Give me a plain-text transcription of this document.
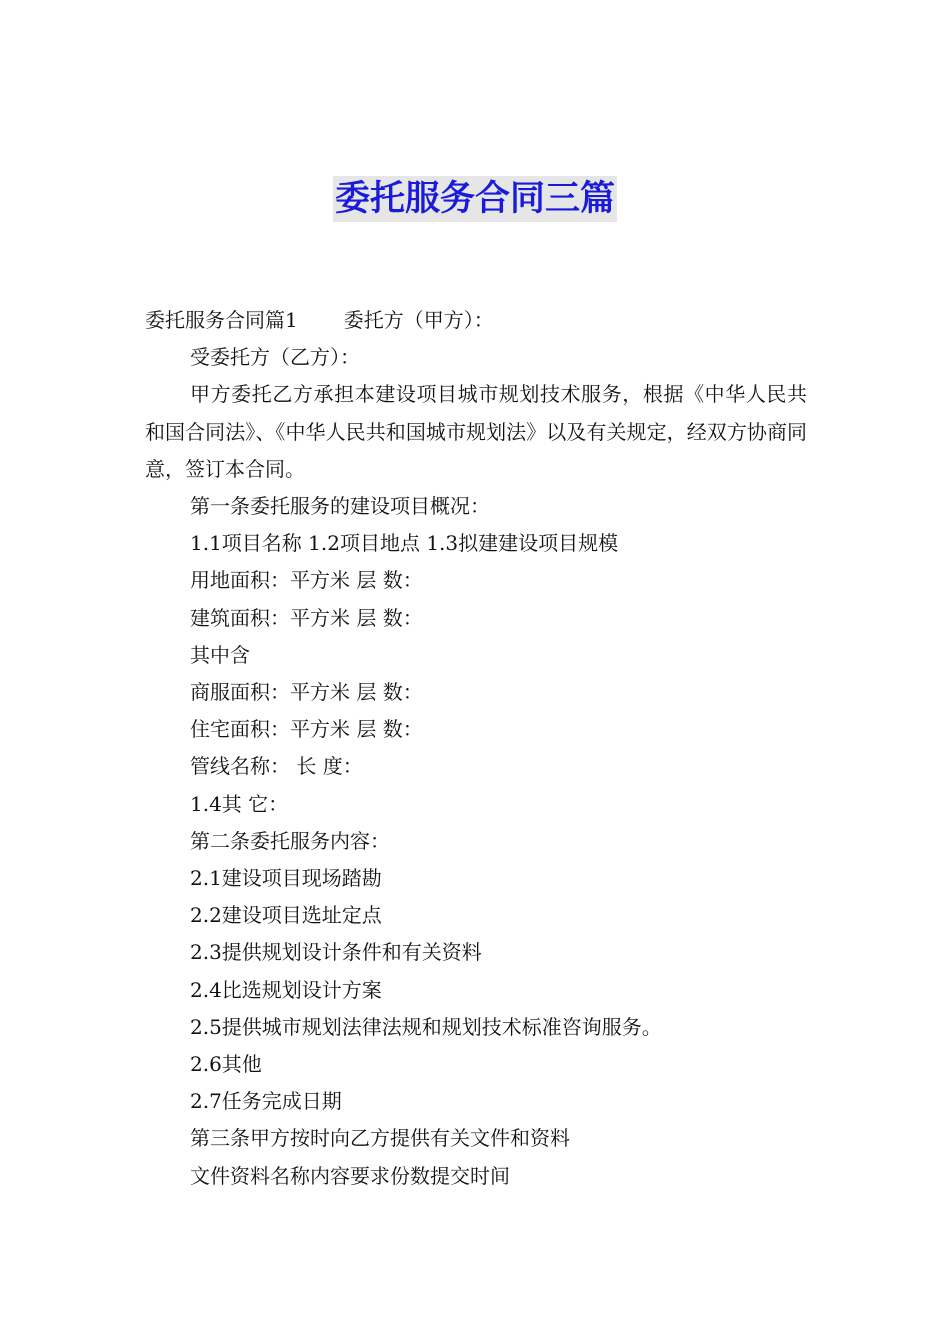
委托服务合同三篇

委托服务合同篇1 委托方（甲方）：

受委托方（乙方）：

甲方委托乙方承担本建设项目城市规划技术服务，根据《中华人民共和国合同法》、《中华人民共和国城市规划法》以及有关规定，经双方协商同意，签订本合同。

第一条委托服务的建设项目概况：

1.1项目名称 1.2项目地点 1.3拟建建设项目规模

用地面积：平方米 层 数：

建筑面积：平方米 层 数：

其中含

商服面积：平方米 层 数：

住宅面积：平方米 层 数：

管线名称： 长 度：

1.4其 它：

第二条委托服务内容：

2.1建设项目现场踏勘

2.2建设项目选址定点

2.3提供规划设计条件和有关资料

2.4比选规划设计方案

2.5提供城市规划法律法规和规划技术标准咨询服务。

2.6其他

2.7任务完成日期

第三条甲方按时向乙方提供有关文件和资料

文件资料名称内容要求份数提交时间
